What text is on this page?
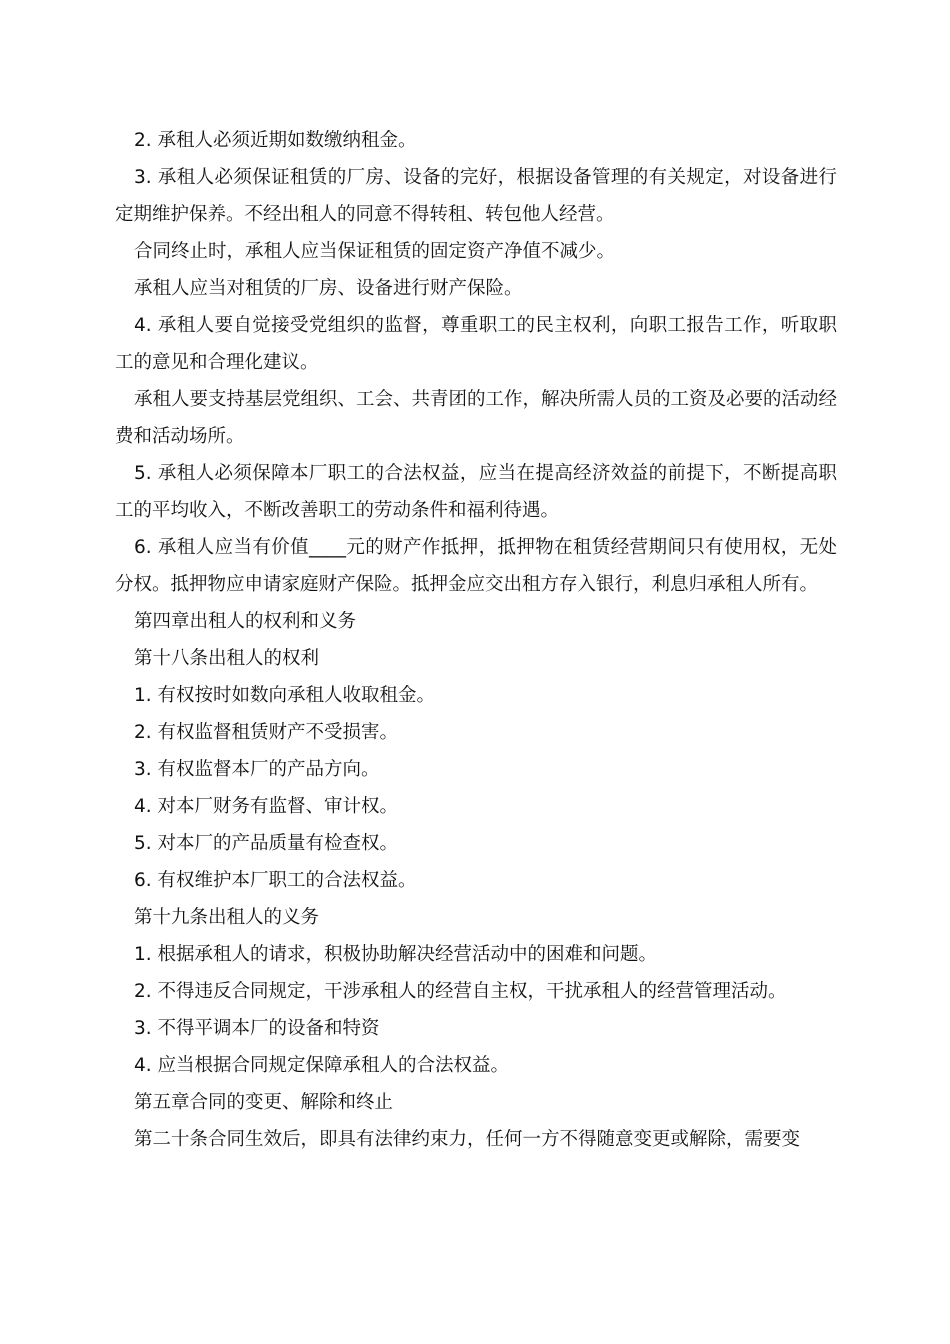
2. 承租人必须近期如数缴纳租金。

3. 承租人必须保证租赁的厂房、设备的完好，根据设备管理的有关规定，对设备进行定期维护保养。不经出租人的同意不得转租、转包他人经营。

合同终止时，承租人应当保证租赁的固定资产净值不减少。

承租人应当对租赁的厂房、设备进行财产保险。

4. 承租人要自觉接受党组织的监督，尊重职工的民主权利，向职工报告工作，听取职工的意见和合理化建议。

承租人要支持基层党组织、工会、共青团的工作，解决所需人员的工资及必要的活动经费和活动场所。

5. 承租人必须保障本厂职工的合法权益，应当在提高经济效益的前提下，不断提高职工的平均收入，不断改善职工的劳动条件和福利待遇。

6. 承租人应当有价值____元的财产作抵押，抵押物在租赁经营期间只有使用权，无处分权。抵押物应申请家庭财产保险。抵押金应交出租方存入银行，利息归承租人所有。

第四章出租人的权利和义务

第十八条出租人的权利

1. 有权按时如数向承租人收取租金。

2. 有权监督租赁财产不受损害。

3. 有权监督本厂的产品方向。

4. 对本厂财务有监督、审计权。

5. 对本厂的产品质量有检查权。

6. 有权维护本厂职工的合法权益。

第十九条出租人的义务

1. 根据承租人的请求，积极协助解决经营活动中的困难和问题。

2. 不得违反合同规定，干涉承租人的经营自主权，干扰承租人的经营管理活动。

3. 不得平调本厂的设备和特资

4. 应当根据合同规定保障承租人的合法权益。

第五章合同的变更、解除和终止

第二十条合同生效后，即具有法律约束力，任何一方不得随意变更或解除，需要变
